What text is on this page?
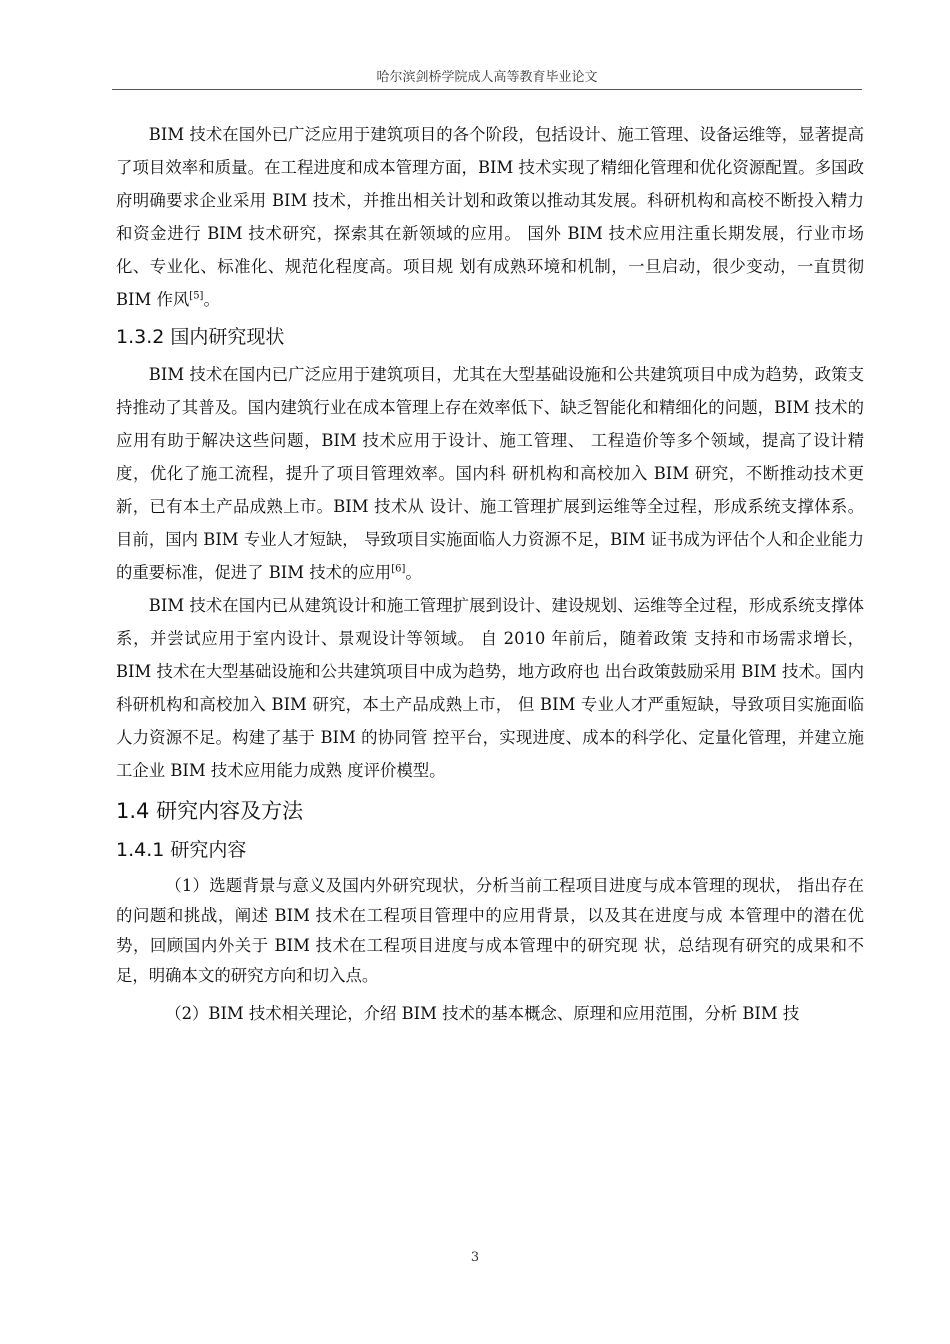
哈尔滨剑桥学院成人高等教育毕业论文

BIM 技术在国外已广泛应用于建筑项目的各个阶段，包括设计、施工管理、设备运维等，显著提高了项目效率和质量。在工程进度和成本管理方面，BIM 技术实现了精细化管理和优化资源配置。多国政府明确要求企业采用 BIM 技术，并推出相关计划和政策以推动其发展。科研机构和高校不断投入精力和资金进行 BIM 技术研究，探索其在新领域的应用。 国外 BIM 技术应用注重长期发展，行业市场化、专业化、标准化、规范化程度高。项目规 划有成熟环境和机制，一旦启动，很少变动，一直贯彻 BIM 作风[5]。

1.3.2 国内研究现状

BIM 技术在国内已广泛应用于建筑项目，尤其在大型基础设施和公共建筑项目中成为趋势，政策支持推动了其普及。国内建筑行业在成本管理上存在效率低下、缺乏智能化和精细化的问题，BIM 技术的应用有助于解决这些问题，BIM 技术应用于设计、施工管理、 工程造价等多个领域，提高了设计精度，优化了施工流程，提升了项目管理效率。国内科 研机构和高校加入 BIM 研究，不断推动技术更新，已有本土产品成熟上市。BIM 技术从 设计、施工管理扩展到运维等全过程，形成系统支撑体系。目前，国内 BIM 专业人才短缺， 导致项目实施面临人力资源不足，BIM 证书成为评估个人和企业能力的重要标准，促进了 BIM 技术的应用[6]。

BIM 技术在国内已从建筑设计和施工管理扩展到设计、建设规划、运维等全过程，形成系统支撑体系，并尝试应用于室内设计、景观设计等领域。 自 2010 年前后，随着政策 支持和市场需求增长，BIM 技术在大型基础设施和公共建筑项目中成为趋势，地方政府也 出台政策鼓励采用 BIM 技术。国内科研机构和高校加入 BIM 研究，本土产品成熟上市， 但 BIM 专业人才严重短缺，导致项目实施面临人力资源不足。构建了基于 BIM 的协同管 控平台，实现进度、成本的科学化、定量化管理，并建立施工企业 BIM 技术应用能力成熟 度评价模型。

1.4 研究内容及方法
1.4.1 研究内容

（1）选题背景与意义及国内外研究现状，分析当前工程项目进度与成本管理的现状， 指出存在的问题和挑战，阐述 BIM 技术在工程项目管理中的应用背景，以及其在进度与成 本管理中的潜在优势，回顾国内外关于 BIM 技术在工程项目进度与成本管理中的研究现 状，总结现有研究的成果和不足，明确本文的研究方向和切入点。

（2）BIM 技术相关理论，介绍 BIM 技术的基本概念、原理和应用范围，分析 BIM 技

3
